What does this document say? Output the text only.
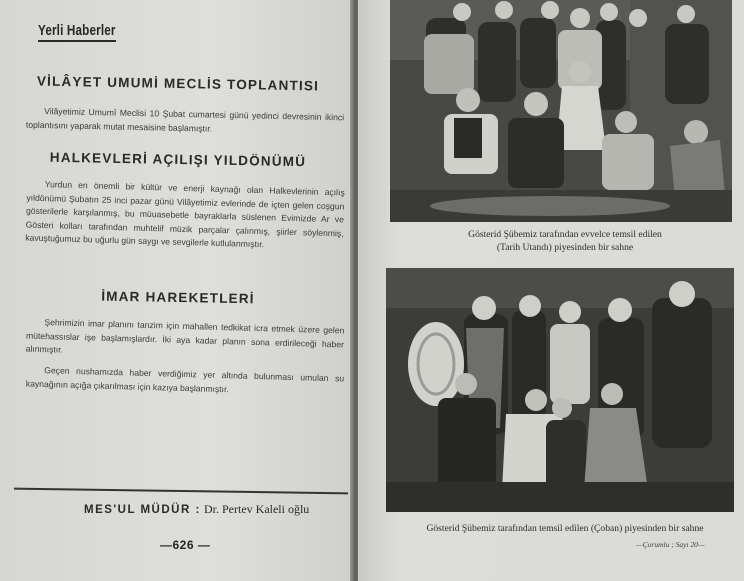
Yerli Haberler
VİLÂYET UMUMİ MECLİS TOPLANTISI
Vilâyetimiz Umumî Meclisi 10 Şubat cumartesi günü yedinci devresinin ikinci toplantısını yaparak mutat mesaisine başlamıştır.
HALKEVLERİ AÇILIŞI YILDÖNÜMÜ
Yurdun en önemli bir kültür ve enerji kaynağı olan Halkevlerinin açılış yıldönümü Şubatın 25 inci pazar günü Vilâyetimiz evlerinde de içten gelen coşgun gösterilerle karşılanmış, bu müuasebetle bayraklarla süslenen Evimizde Ar ve Gösteri kolları tarafından muhtelif müzik parçalar çalınmış, şiirler söylenmiş, kavuştuğumuz bu uğurlu gün saygı ve sevgilerle kutlulanmıştır.
İMAR HAREKETLERİ
Şehrimizin imar planını tanzim için mahallen tedkikat icra etmek üzere gelen mütehassıslar işe başlamışlardır. İki aya kadar planın sona erdirileceği haber alınmıştır.
Geçen nushamızda haber verdiğimiz yer altında bulunması umulan su kaynağının açığa çıkarılması için kazıya başlanmıştır.
MES'UL MÜDÜR : Dr. Pertev Kaleli oğlu
—626 —
Gösterid Şübemiz tarafından evvelce temsil edilen
(Tarih Utandı) piyesinden bir sahne
Gösterid Şübemiz tarafından temsil edilen (Çoban) piyesinden bir sahne
—Çorumlu ; Sayı 20—
